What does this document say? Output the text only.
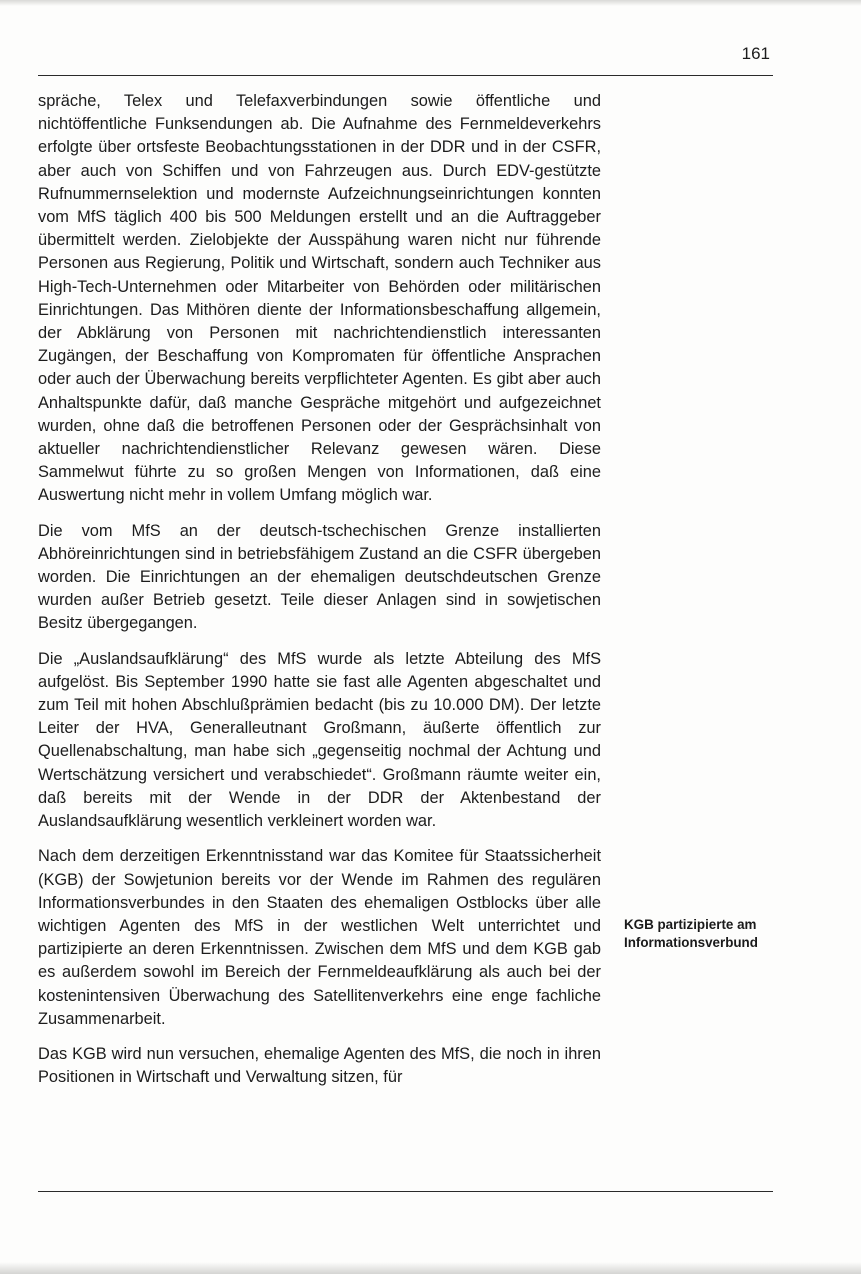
161

spräche, Telex und Telefaxverbindungen sowie öffentliche und nichtöffentliche Funksendungen ab. Die Aufnahme des Fernmeldeverkehrs erfolgte über ortsfeste Beobachtungsstationen in der DDR und in der CSFR, aber auch von Schiffen und von Fahrzeugen aus. Durch EDV-gestützte Rufnummernselektion und modernste Aufzeichnungseinrichtungen konnten vom MfS täglich 400 bis 500 Meldungen erstellt und an die Auftraggeber übermittelt werden. Zielobjekte der Ausspähung waren nicht nur führende Personen aus Regierung, Politik und Wirtschaft, sondern auch Techniker aus High-Tech-Unternehmen oder Mitarbeiter von Behörden oder militärischen Einrichtungen. Das Mithören diente der Informationsbeschaffung allgemein, der Abklärung von Personen mit nachrichtendienstlich interessanten Zugängen, der Beschaffung von Kompromaten für öffentliche Ansprachen oder auch der Überwachung bereits verpflichteter Agenten. Es gibt aber auch Anhaltspunkte dafür, daß manche Gespräche mitgehört und aufgezeichnet wurden, ohne daß die betroffenen Personen oder der Gesprächsinhalt von aktueller nachrichtendienstlicher Relevanz gewesen wären. Diese Sammelwut führte zu so großen Mengen von Informationen, daß eine Auswertung nicht mehr in vollem Umfang möglich war.

Die vom MfS an der deutsch-tschechischen Grenze installierten Abhöreinrichtungen sind in betriebsfähigem Zustand an die CSFR übergeben worden. Die Einrichtungen an der ehemaligen deutschdeutschen Grenze wurden außer Betrieb gesetzt. Teile dieser Anlagen sind in sowjetischen Besitz übergegangen.

Die „Auslandsaufklärung“ des MfS wurde als letzte Abteilung des MfS aufgelöst. Bis September 1990 hatte sie fast alle Agenten abgeschaltet und zum Teil mit hohen Abschlußprämien bedacht (bis zu 10.000 DM). Der letzte Leiter der HVA, Generalleutnant Großmann, äußerte öffentlich zur Quellenabschaltung, man habe sich „gegenseitig nochmal der Achtung und Wertschätzung versichert und verabschiedet“. Großmann räumte weiter ein, daß bereits mit der Wende in der DDR der Aktenbestand der Auslandsaufklärung wesentlich verkleinert worden war.

Nach dem derzeitigen Erkenntnisstand war das Komitee für Staatssicherheit (KGB) der Sowjetunion bereits vor der Wende im Rahmen des regulären Informationsverbundes in den Staaten des ehemaligen Ostblocks über alle wichtigen Agenten des MfS in der westlichen Welt unterrichtet und partizipierte an deren Erkenntnissen. Zwischen dem MfS und dem KGB gab es außerdem sowohl im Bereich der Fernmeldeaufklärung als auch bei der kostenintensiven Überwachung des Satellitenverkehrs eine enge fachliche Zusammenarbeit.

Das KGB wird nun versuchen, ehemalige Agenten des MfS, die noch in ihren Positionen in Wirtschaft und Verwaltung sitzen, für

KGB partizipierte am Informationsverbund
